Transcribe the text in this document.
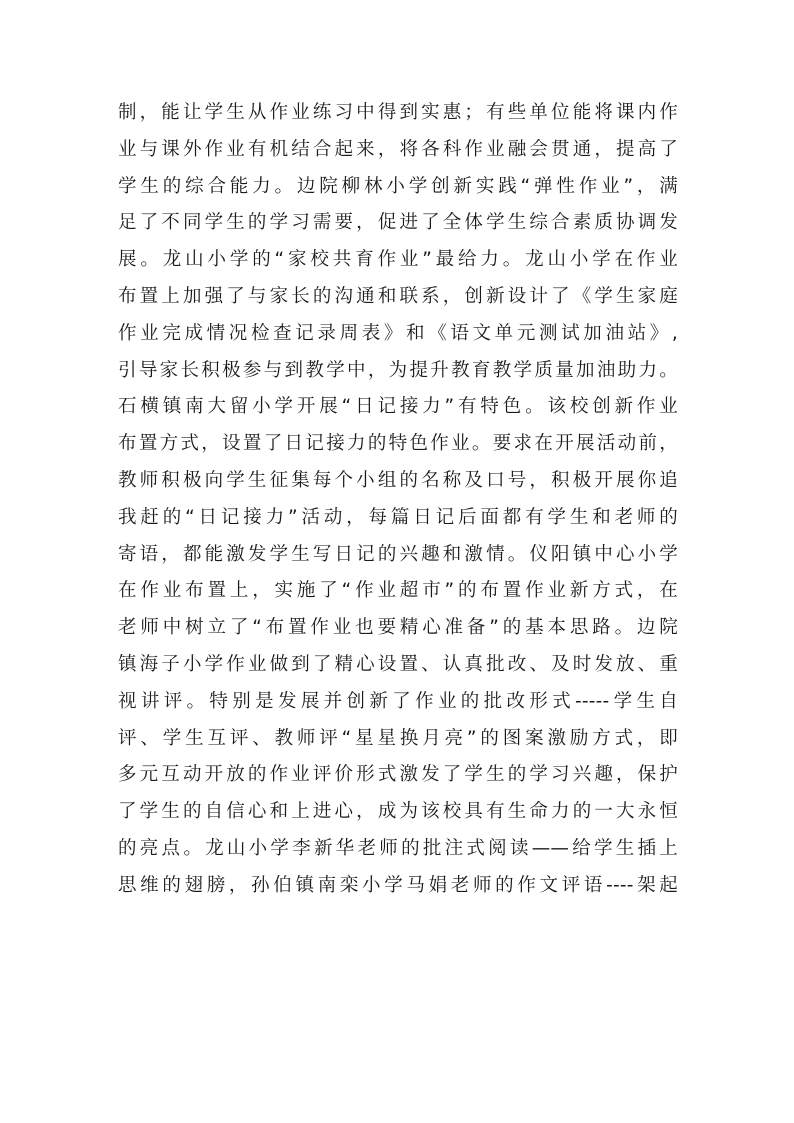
制，能让学生从作业练习中得到实惠；有些单位能将课内作
业与课外作业有机结合起来，将各科作业融会贯通，提高了
学生的综合能力。边院柳林小学创新实践“弹性作业”，满
足了不同学生的学习需要，促进了全体学生综合素质协调发
展。龙山小学的“家校共育作业”最给力。龙山小学在作业
布置上加强了与家长的沟通和联系，创新设计了《学生家庭
作业完成情况检查记录周表》和《语文单元测试加油站》,
引导家长积极参与到教学中，为提升教育教学质量加油助力。
石横镇南大留小学开展“日记接力”有特色。该校创新作业
布置方式，设置了日记接力的特色作业。要求在开展活动前，
教师积极向学生征集每个小组的名称及口号，积极开展你追
我赶的“日记接力”活动，每篇日记后面都有学生和老师的
寄语，都能激发学生写日记的兴趣和激情。仪阳镇中心小学
在作业布置上，实施了“作业超市”的布置作业新方式，在
老师中树立了“布置作业也要精心准备”的基本思路。边院
镇海子小学作业做到了精心设置、认真批改、及时发放、重
视讲评。特别是发展并创新了作业的批改形式-----学生自
评、学生互评、教师评“星星换月亮”的图案激励方式，即
多元互动开放的作业评价形式激发了学生的学习兴趣，保护
了学生的自信心和上进心，成为该校具有生命力的一大永恒
的亮点。龙山小学李新华老师的批注式阅读——给学生插上
思维的翅膀，孙伯镇南栾小学马娟老师的作文评语----架起
